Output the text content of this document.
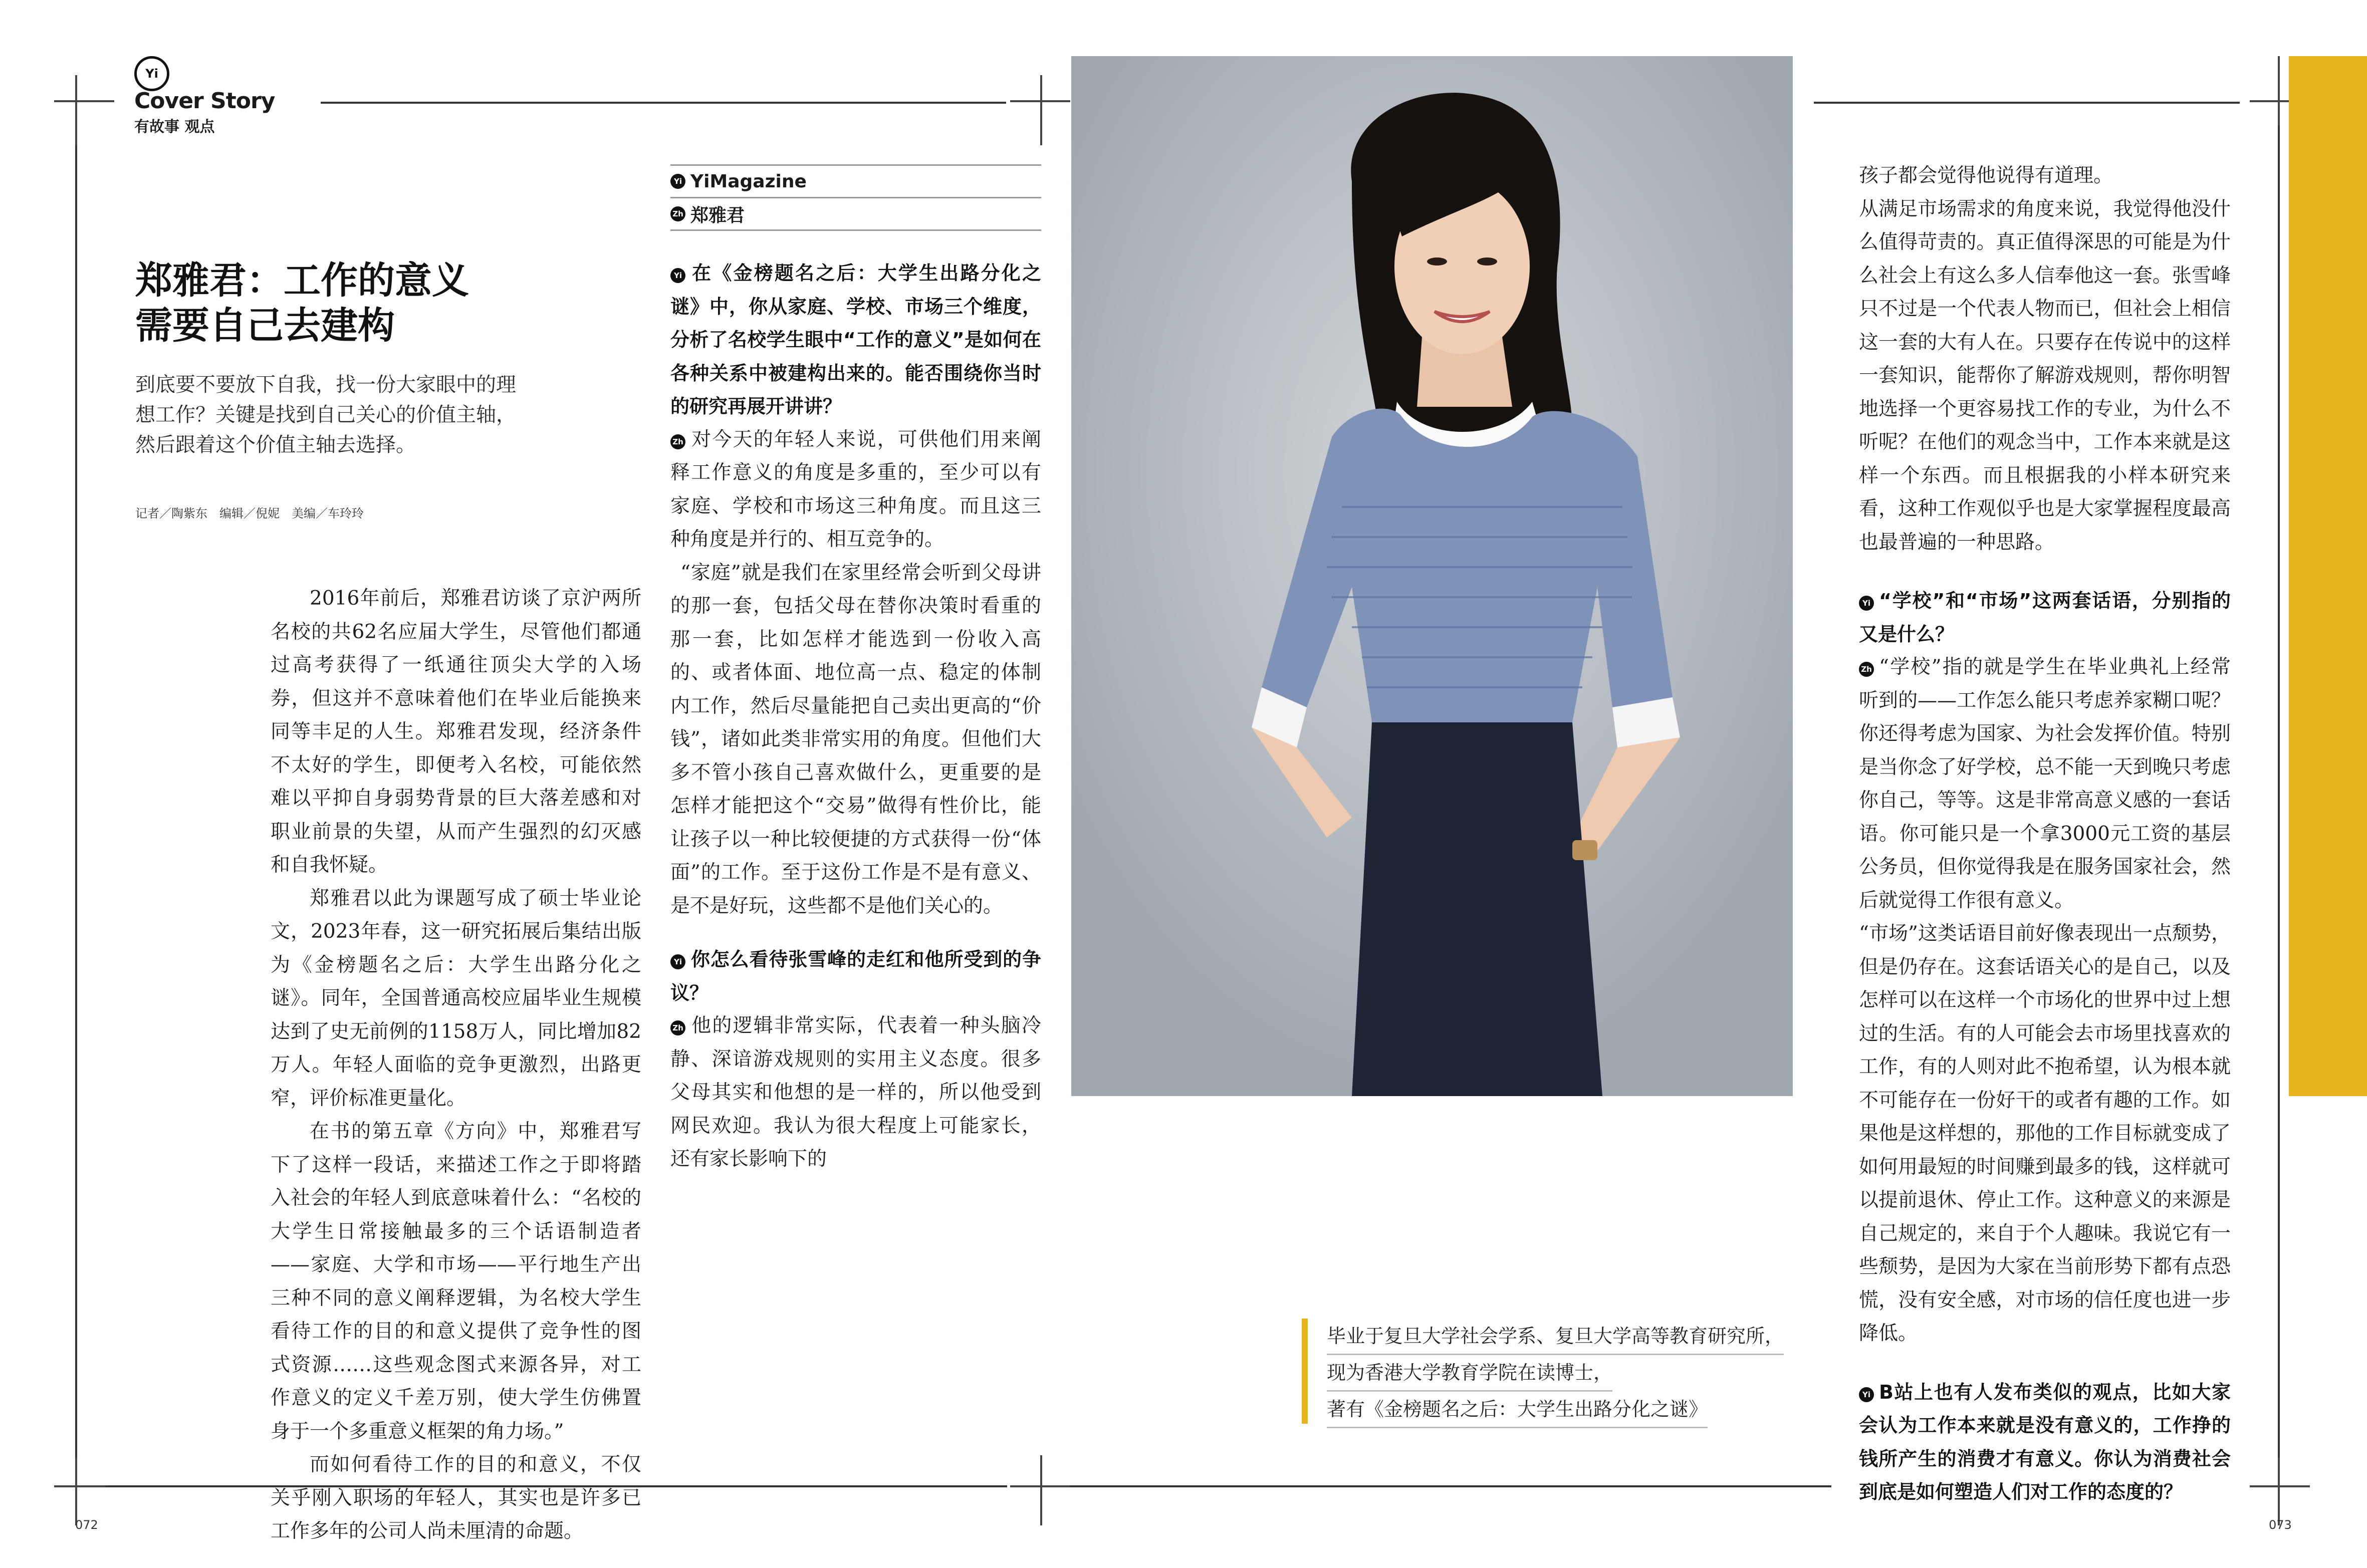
Yi
Cover Story
有故事 观点
郑雅君：工作的意义
需要自己去建构
到底要不要放下自我，找一份大家眼中的理
想工作？关键是找到自己关心的价值主轴，
然后跟着这个价值主轴去选择。
记者／陶紫东　编辑／倪妮　美编／车玲玲

2016年前后，郑雅君访谈了京沪两所名校的共62名应届大学生，尽管他们都通过高考获得了一纸通往顶尖大学的入场券，但这并不意味着他们在毕业后能换来同等丰足的人生。郑雅君发现，经济条件不太好的学生，即便考入名校，可能依然难以平抑自身弱势背景的巨大落差感和对职业前景的失望，从而产生强烈的幻灭感和自我怀疑。

郑雅君以此为课题写成了硕士毕业论文，2023年春，这一研究拓展后集结出版为《金榜题名之后：大学生出路分化之谜》。同年，全国普通高校应届毕业生规模达到了史无前例的1158万人，同比增加82万人。年轻人面临的竞争更激烈，出路更窄，评价标准更量化。

在书的第五章《方向》中，郑雅君写下了这样一段话，来描述工作之于即将踏入社会的年轻人到底意味着什么：“名校的大学生日常接触最多的三个话语制造者——家庭、大学和市场——平行地生产出三种不同的意义阐释逻辑，为名校大学生看待工作的目的和意义提供了竞争性的图式资源……这些观念图式来源各异，对工作意义的定义千差万别，使大学生仿佛置身于一个多重意义框架的角力场。”

而如何看待工作的目的和意义，不仅关乎刚入职场的年轻人，其实也是许多已工作多年的公司人尚未厘清的命题。

Yi YiMagazine
Zh 郑雅君

Yi 在《金榜题名之后：大学生出路分化之谜》中，你从家庭、学校、市场三个维度，分析了名校学生眼中“工作的意义”是如何在各种关系中被建构出来的。能否围绕你当时的研究再展开讲讲？

Zh 对今天的年轻人来说，可供他们用来阐释工作意义的角度是多重的，至少可以有家庭、学校和市场这三种角度。而且这三种角度是并行的、相互竞争的。

“家庭”就是我们在家里经常会听到父母讲的那一套，包括父母在替你决策时看重的那一套，比如怎样才能选到一份收入高的、或者体面、地位高一点、稳定的体制内工作，然后尽量能把自己卖出更高的“价钱”，诸如此类非常实用的角度。但他们大多不管小孩自己喜欢做什么，更重要的是怎样才能把这个“交易”做得有性价比，能让孩子以一种比较便捷的方式获得一份“体面”的工作。至于这份工作是不是有意义、是不是好玩，这些都不是他们关心的。

Yi 你怎么看待张雪峰的走红和他所受到的争议？

Zh 他的逻辑非常实际，代表着一种头脑冷静、深谙游戏规则的实用主义态度。很多父母其实和他想的是一样的，所以他受到网民欢迎。我认为很大程度上可能家长，还有家长影响下的

毕业于复旦大学社会学系、复旦大学高等教育研究所，
现为香港大学教育学院在读博士，
著有《金榜题名之后：大学生出路分化之谜》

孩子都会觉得他说得有道理。

从满足市场需求的角度来说，我觉得他没什么值得苛责的。真正值得深思的可能是为什么社会上有这么多人信奉他这一套。张雪峰只不过是一个代表人物而已，但社会上相信这一套的大有人在。只要存在传说中的这样一套知识，能帮你了解游戏规则，帮你明智地选择一个更容易找工作的专业，为什么不听呢？在他们的观念当中，工作本来就是这样一个东西。而且根据我的小样本研究来看，这种工作观似乎也是大家掌握程度最高也最普遍的一种思路。

Yi “学校”和“市场”这两套话语，分别指的又是什么？

Zh “学校”指的就是学生在毕业典礼上经常听到的——工作怎么能只考虑养家糊口呢？你还得考虑为国家、为社会发挥价值。特别是当你念了好学校，总不能一天到晚只考虑你自己，等等。这是非常高意义感的一套话语。你可能只是一个拿3000元工资的基层公务员，但你觉得我是在服务国家社会，然后就觉得工作很有意义。

“市场”这类话语目前好像表现出一点颓势，但是仍存在。这套话语关心的是自己，以及怎样可以在这样一个市场化的世界中过上想过的生活。有的人可能会去市场里找喜欢的工作，有的人则对此不抱希望，认为根本就不可能存在一份好干的或者有趣的工作。如果他是这样想的，那他的工作目标就变成了如何用最短的时间赚到最多的钱，这样就可以提前退休、停止工作。这种意义的来源是自己规定的，来自于个人趣味。我说它有一些颓势，是因为大家在当前形势下都有点恐慌，没有安全感，对市场的信任度也进一步降低。

Yi B站上也有人发布类似的观点，比如大家会认为工作本来就是没有意义的，工作挣的钱所产生的消费才有意义。你认为消费社会到底是如何塑造人们对工作的态度的？

072	073
